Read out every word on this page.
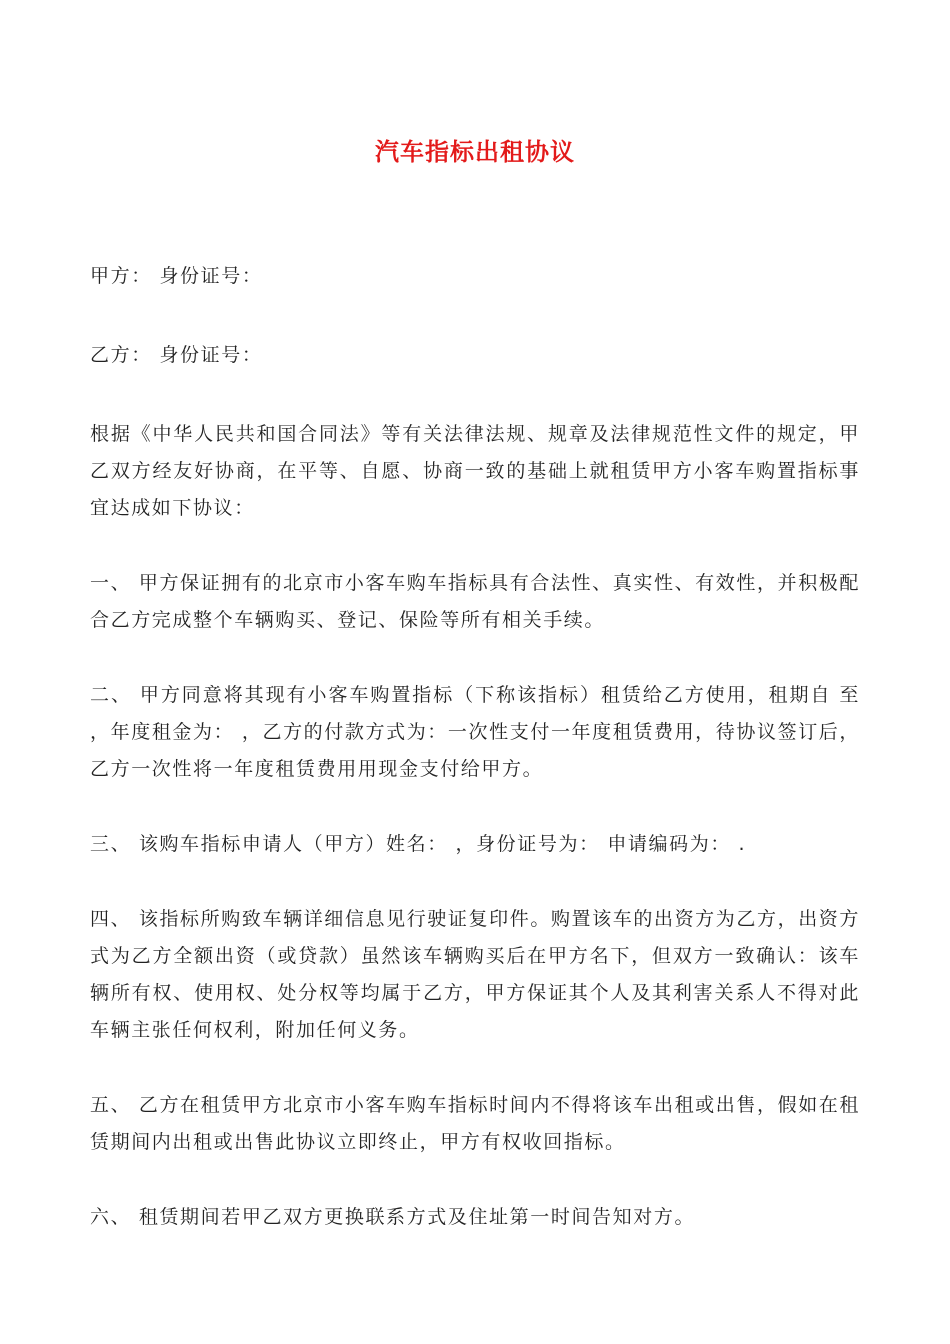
汽车指标出租协议

甲方： 身份证号：

乙方： 身份证号：

根据《中华人民共和国合同法》等有关法律法规、规章及法律规范性文件的规定，甲乙双方经友好协商，在平等、自愿、协商一致的基础上就租赁甲方小客车购置指标事宜达成如下协议：

一、 甲方保证拥有的北京市小客车购车指标具有合法性、真实性、有效性，并积极配合乙方完成整个车辆购买、登记、保险等所有相关手续。

二、 甲方同意将其现有小客车购置指标（下称该指标）租赁给乙方使用，租期自 至 ，年度租金为： ，乙方的付款方式为：一次性支付一年度租赁费用，待协议签订后，乙方一次性将一年度租赁费用用现金支付给甲方。

三、 该购车指标申请人（甲方）姓名： ，身份证号为： 申请编码为： .

四、 该指标所购致车辆详细信息见行驶证复印件。购置该车的出资方为乙方，出资方式为乙方全额出资（或贷款）虽然该车辆购买后在甲方名下，但双方一致确认：该车辆所有权、使用权、处分权等均属于乙方，甲方保证其个人及其利害关系人不得对此车辆主张任何权利，附加任何义务。

五、 乙方在租赁甲方北京市小客车购车指标时间内不得将该车出租或出售，假如在租赁期间内出租或出售此协议立即终止，甲方有权收回指标。

六、 租赁期间若甲乙双方更换联系方式及住址第一时间告知对方。
